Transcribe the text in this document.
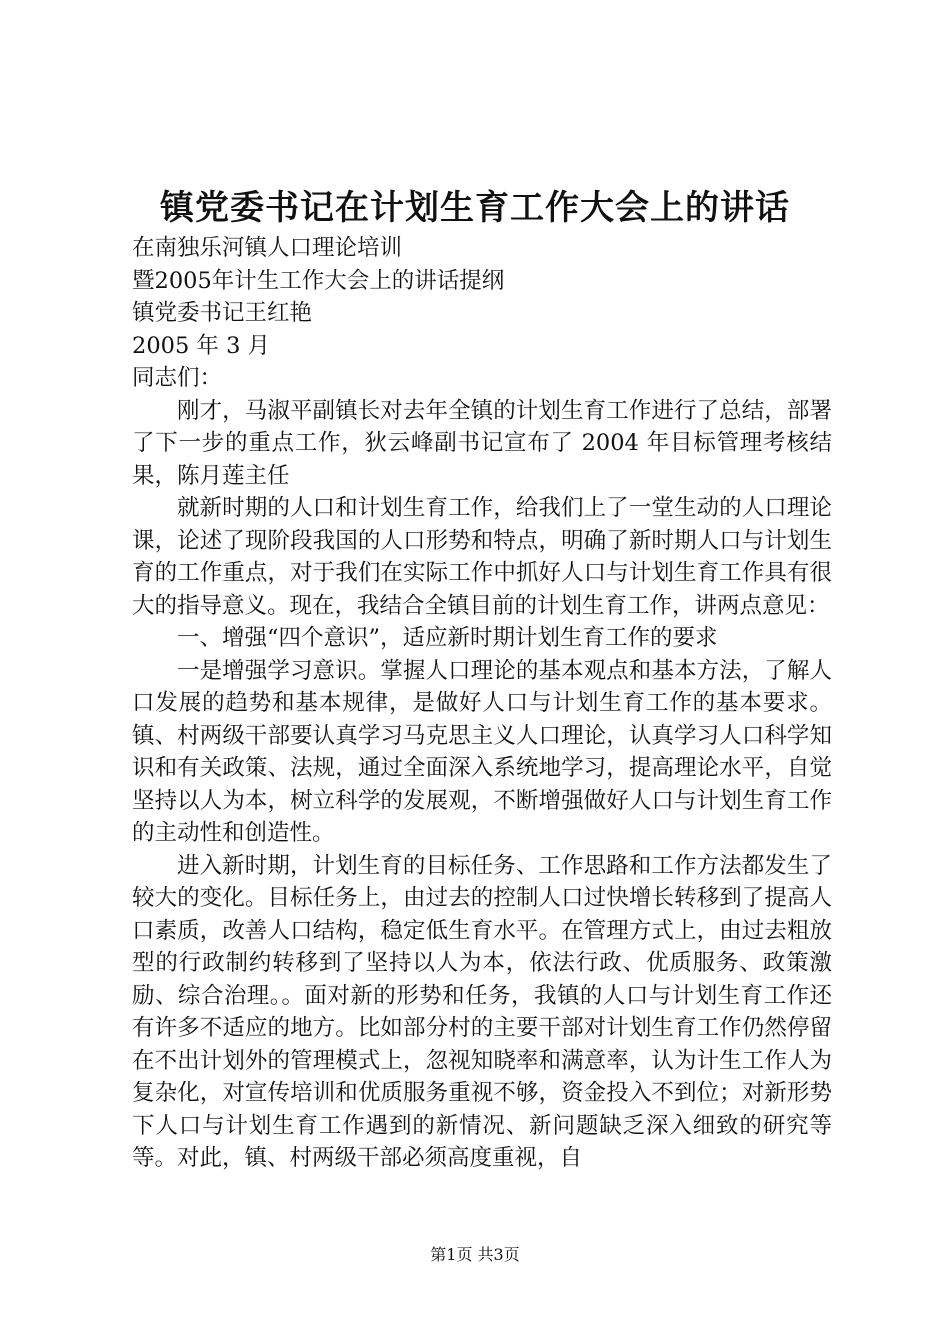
镇党委书记在计划生育工作大会上的讲话

在南独乐河镇人口理论培训

暨2005年计生工作大会上的讲话提纲

镇党委书记王红艳

2005 年 3 月

同志们：

刚才，马淑平副镇长对去年全镇的计划生育工作进行了总结，部署了下一步的重点工作，狄云峰副书记宣布了 2004 年目标管理考核结果，陈月莲主任

就新时期的人口和计划生育工作，给我们上了一堂生动的人口理论课，论述了现阶段我国的人口形势和特点，明确了新时期人口与计划生育的工作重点，对于我们在实际工作中抓好人口与计划生育工作具有很大的指导意义。现在，我结合全镇目前的计划生育工作，讲两点意见：

一、增强“四个意识”，适应新时期计划生育工作的要求

一是增强学习意识。掌握人口理论的基本观点和基本方法，了解人口发展的趋势和基本规律，是做好人口与计划生育工作的基本要求。镇、村两级干部要认真学习马克思主义人口理论，认真学习人口科学知识和有关政策、法规，通过全面深入系统地学习，提高理论水平，自觉坚持以人为本，树立科学的发展观，不断增强做好人口与计划生育工作的主动性和创造性。

进入新时期，计划生育的目标任务、工作思路和工作方法都发生了较大的变化。目标任务上，由过去的控制人口过快增长转移到了提高人口素质，改善人口结构，稳定低生育水平。在管理方式上，由过去粗放型的行政制约转移到了坚持以人为本，依法行政、优质服务、政策激励、综合治理。。面对新的形势和任务，我镇的人口与计划生育工作还有许多不适应的地方。比如部分村的主要干部对计划生育工作仍然停留在不出计划外的管理模式上，忽视知晓率和满意率，认为计生工作人为复杂化，对宣传培训和优质服务重视不够，资金投入不到位；对新形势下人口与计划生育工作遇到的新情况、新问题缺乏深入细致的研究等等。对此，镇、村两级干部必须高度重视，自

第1页 共3页
